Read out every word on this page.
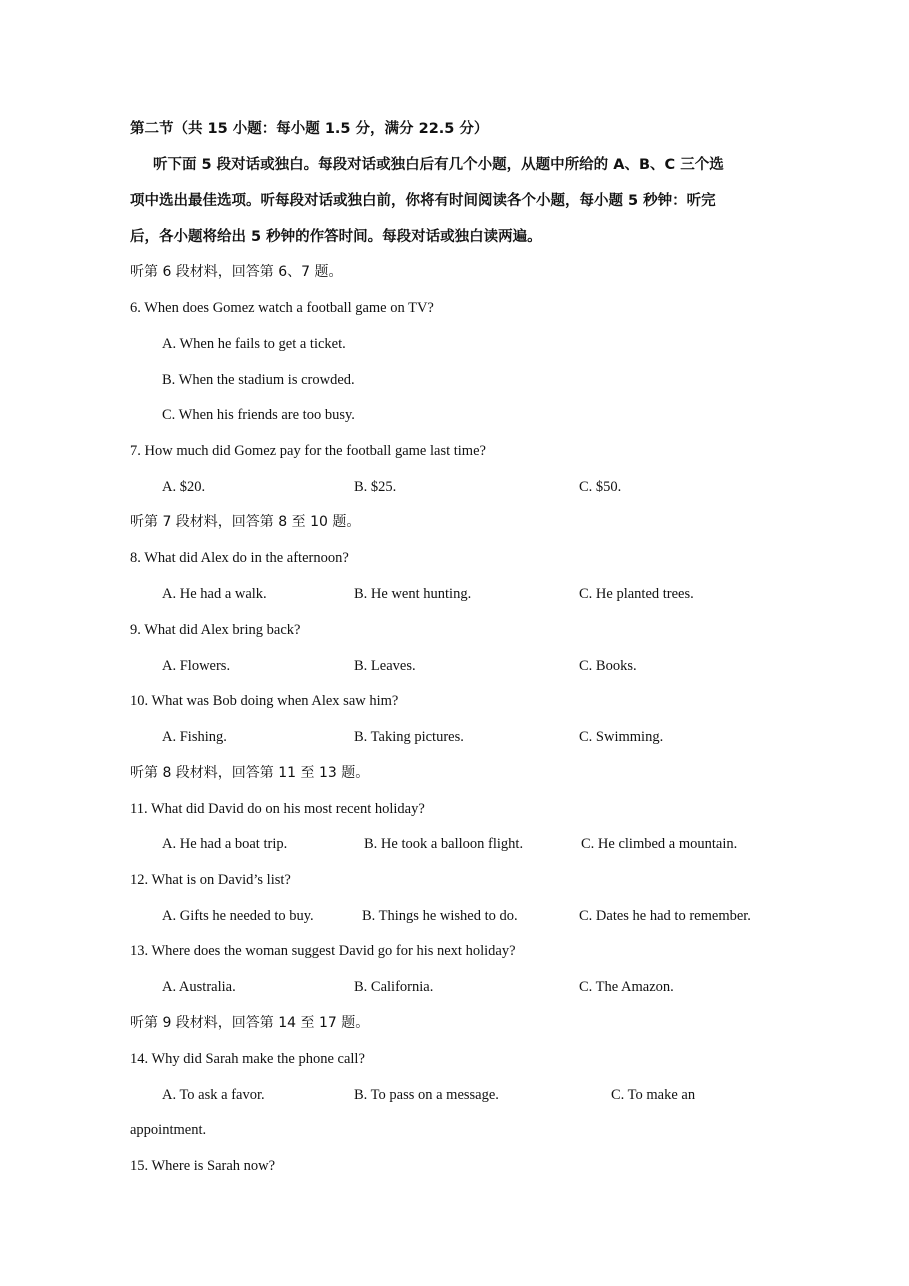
第二节（共 15 小题：每小题 1.5 分，满分 22.5 分）
听下面 5 段对话或独白。每段对话或独白后有几个小题，从题中所给的 A、B、C 三个选
项中选出最佳选项。听每段对话或独白前，你将有时间阅读各个小题，每小题 5 秒钟：听完
后，各小题将给出 5 秒钟的作答时间。每段对话或独白读两遍。
听第 6 段材料，回答第 6、7 题。
6. When does Gomez watch a football game on TV?
A. When he fails to get a ticket.
B. When the stadium is crowded.
C. When his friends are too busy.
7. How much did Gomez pay for the football game last time?
A. $20.	B. $25.	C. $50.
听第 7 段材料，回答第 8 至 10 题。
8. What did Alex do in the afternoon?
A. He had a walk.	B. He went hunting.	C. He planted trees.
9. What did Alex bring back?
A. Flowers.	B. Leaves.	C. Books.
10. What was Bob doing when Alex saw him?
A. Fishing.	B. Taking pictures.	C. Swimming.
听第 8 段材料，回答第 11 至 13 题。
11. What did David do on his most recent holiday?
A. He had a boat trip.	B. He took a balloon flight.	C. He climbed a mountain.
12. What is on David’s list?
A. Gifts he needed to buy.	B. Things he wished to do.	C. Dates he had to remember.
13. Where does the woman suggest David go for his next holiday?
A. Australia.	B. California.	C. The Amazon.
听第 9 段材料，回答第 14 至 17 题。
14. Why did Sarah make the phone call?
A. To ask a favor.	B. To pass on a message.	C. To make an
appointment.
15. Where is Sarah now?
